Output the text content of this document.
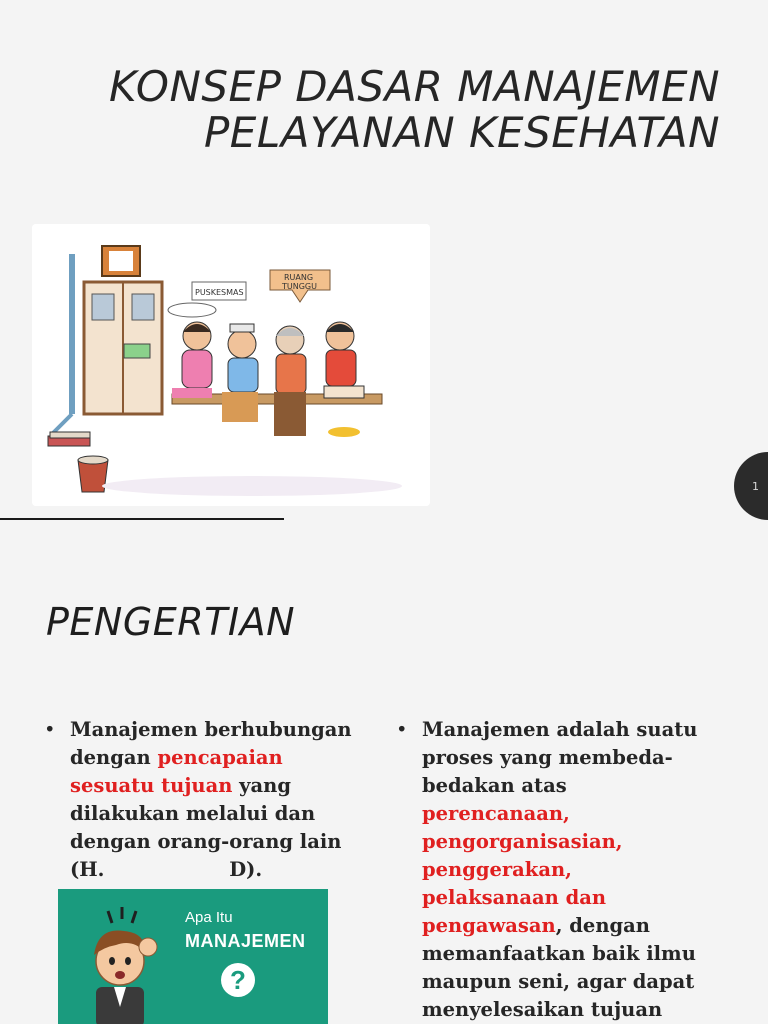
KONSEP DASAR MANAJEMEN
PELAYANAN KESEHATAN
PUSKESMAS
RUANG
TUNGGU
1
PENGERTIAN
• Manajemen berhubungan dengan pencapaian sesuatu tujuan yang dilakukan melalui dan dengan orang-orang lain (H.	D).
• Manajemen adalah suatu proses yang membeda-bedakan atas
perencanaan,
pengorganisasian,
penggerakan,
pelaksanaan dan
pengawasan, dengan memanfaatkan baik ilmu maupun seni, agar dapat menyelesaikan tujuan
Apa Itu
MANAJEMEN
?
